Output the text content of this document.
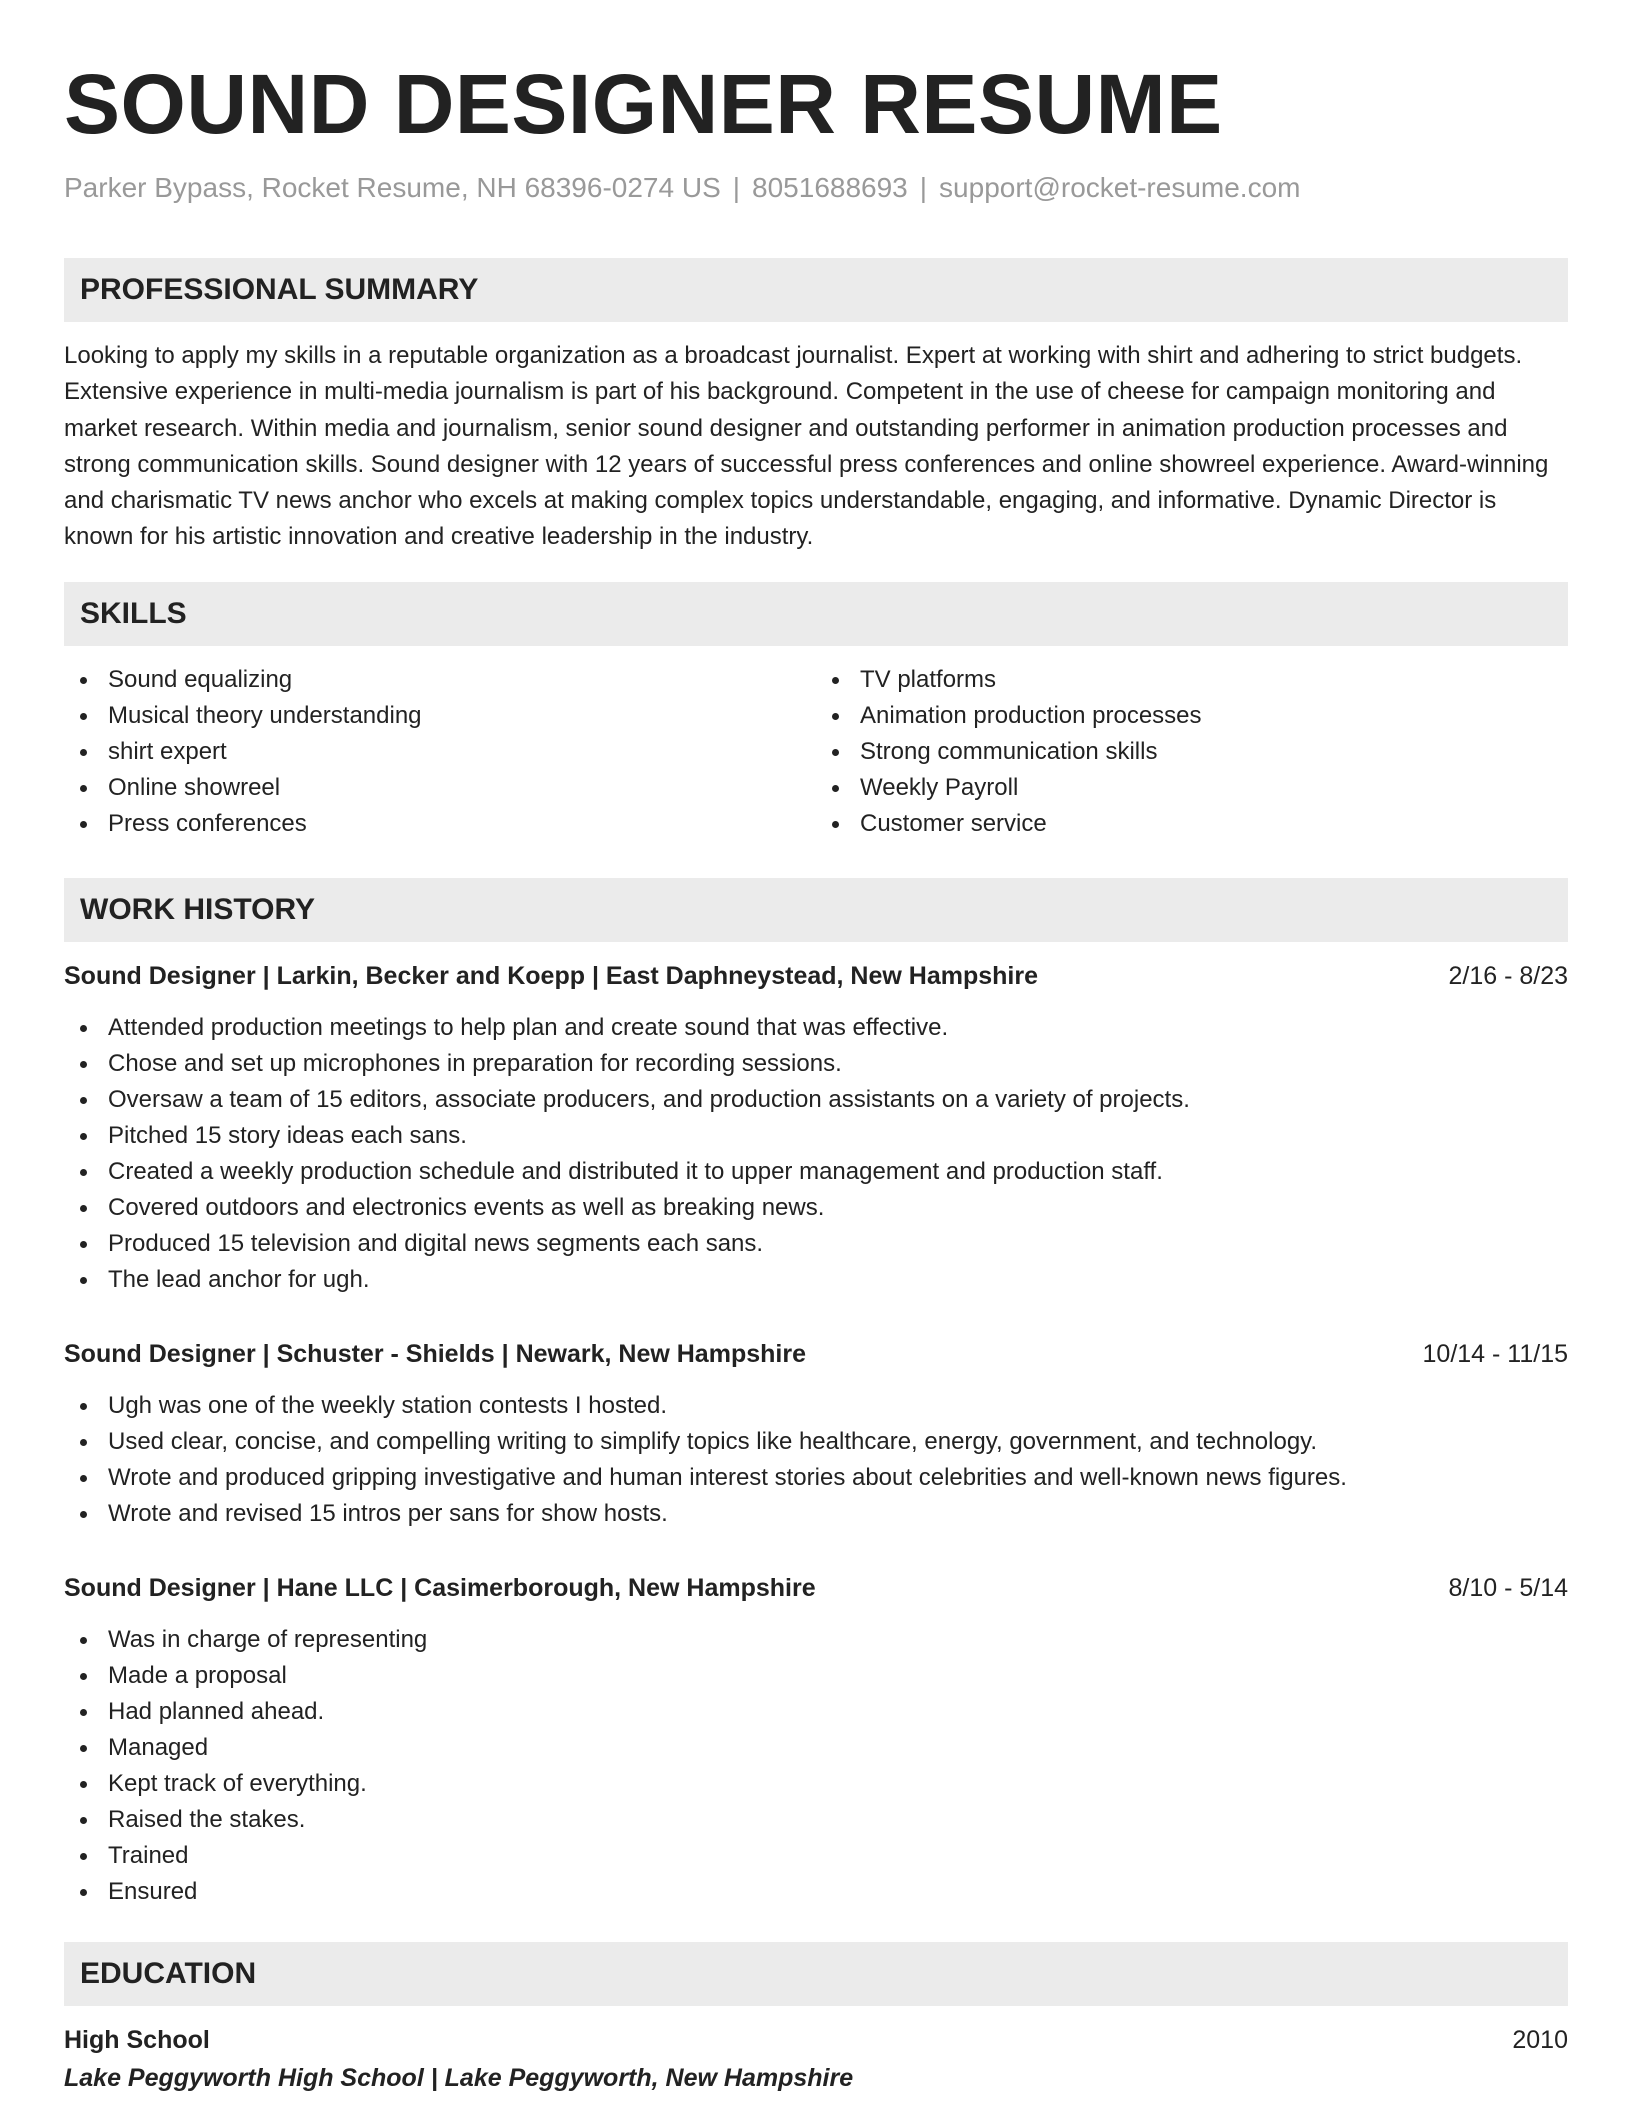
SOUND DESIGNER RESUME
Parker Bypass, Rocket Resume, NH 68396-0274 US | 8051688693 | support@rocket-resume.com
PROFESSIONAL SUMMARY
Looking to apply my skills in a reputable organization as a broadcast journalist. Expert at working with shirt and adhering to strict budgets. Extensive experience in multi-media journalism is part of his background. Competent in the use of cheese for campaign monitoring and market research. Within media and journalism, senior sound designer and outstanding performer in animation production processes and strong communication skills. Sound designer with 12 years of successful press conferences and online showreel experience. Award-winning and charismatic TV news anchor who excels at making complex topics understandable, engaging, and informative. Dynamic Director is known for his artistic innovation and creative leadership in the industry.
SKILLS
Sound equalizing
Musical theory understanding
shirt expert
Online showreel
Press conferences
TV platforms
Animation production processes
Strong communication skills
Weekly Payroll
Customer service
WORK HISTORY
Sound Designer | Larkin, Becker and Koepp | East Daphneystead, New Hampshire	2/16 - 8/23
Attended production meetings to help plan and create sound that was effective.
Chose and set up microphones in preparation for recording sessions.
Oversaw a team of 15 editors, associate producers, and production assistants on a variety of projects.
Pitched 15 story ideas each sans.
Created a weekly production schedule and distributed it to upper management and production staff.
Covered outdoors and electronics events as well as breaking news.
Produced 15 television and digital news segments each sans.
The lead anchor for ugh.
Sound Designer | Schuster - Shields | Newark, New Hampshire	10/14 - 11/15
Ugh was one of the weekly station contests I hosted.
Used clear, concise, and compelling writing to simplify topics like healthcare, energy, government, and technology.
Wrote and produced gripping investigative and human interest stories about celebrities and well-known news figures.
Wrote and revised 15 intros per sans for show hosts.
Sound Designer | Hane LLC | Casimerborough, New Hampshire	8/10 - 5/14
Was in charge of representing
Made a proposal
Had planned ahead.
Managed
Kept track of everything.
Raised the stakes.
Trained
Ensured
EDUCATION
High School	2010
Lake Peggyworth High School | Lake Peggyworth, New Hampshire
